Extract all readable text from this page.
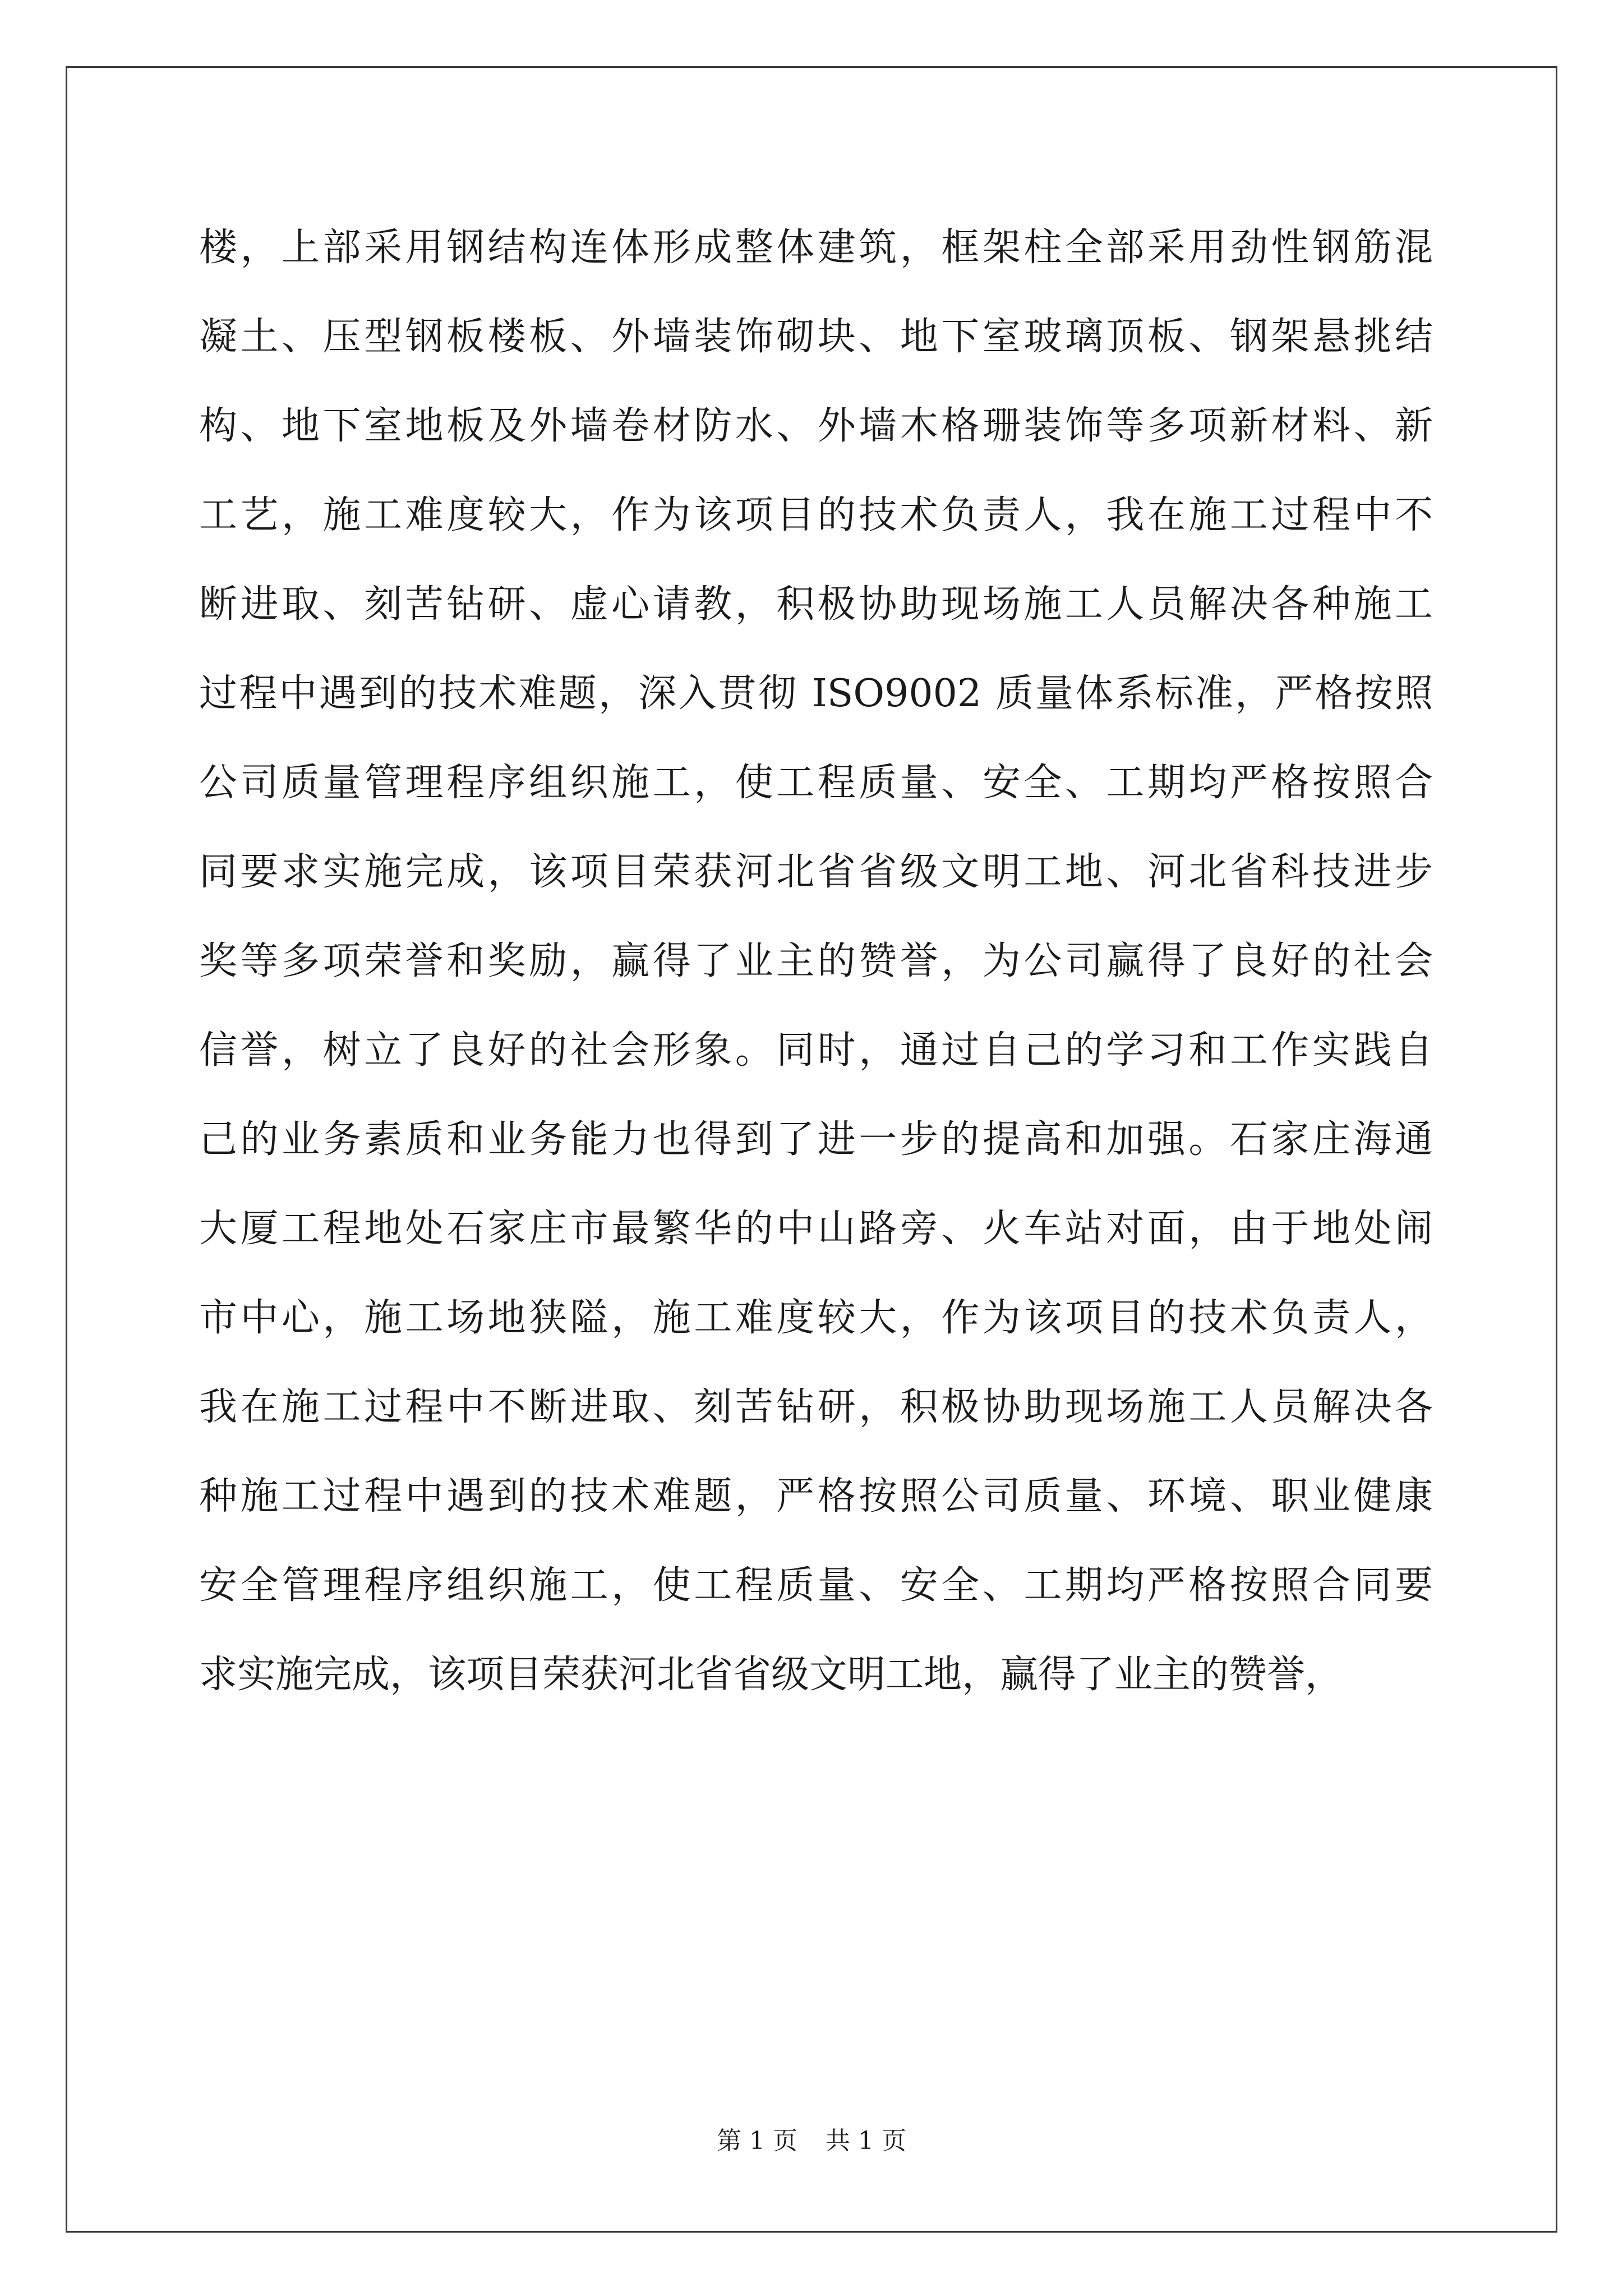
楼，上部采用钢结构连体形成整体建筑，框架柱全部采用劲性钢筋混
凝土、压型钢板楼板、外墙装饰砌块、地下室玻璃顶板、钢架悬挑结
构、地下室地板及外墙卷材防水、外墙木格珊装饰等多项新材料、新
工艺，施工难度较大，作为该项目的技术负责人，我在施工过程中不
断进取、刻苦钻研、虚心请教，积极协助现场施工人员解决各种施工
过程中遇到的技术难题，深入贯彻 ISO9002 质量体系标准，严格按照
公司质量管理程序组织施工，使工程质量、安全、工期均严格按照合
同要求实施完成，该项目荣获河北省省级文明工地、河北省科技进步
奖等多项荣誉和奖励，赢得了业主的赞誉，为公司赢得了良好的社会
信誉，树立了良好的社会形象。同时，通过自己的学习和工作实践自
己的业务素质和业务能力也得到了进一步的提高和加强。石家庄海通
大厦工程地处石家庄市最繁华的中山路旁、火车站对面，由于地处闹
市中心，施工场地狭隘，施工难度较大，作为该项目的技术负责人，
我在施工过程中不断进取、刻苦钻研，积极协助现场施工人员解决各
种施工过程中遇到的技术难题，严格按照公司质量、环境、职业健康
安全管理程序组织施工，使工程质量、安全、工期均严格按照合同要
求实施完成，该项目荣获河北省省级文明工地，赢得了业主的赞誉，
第 1 页 共 1 页
